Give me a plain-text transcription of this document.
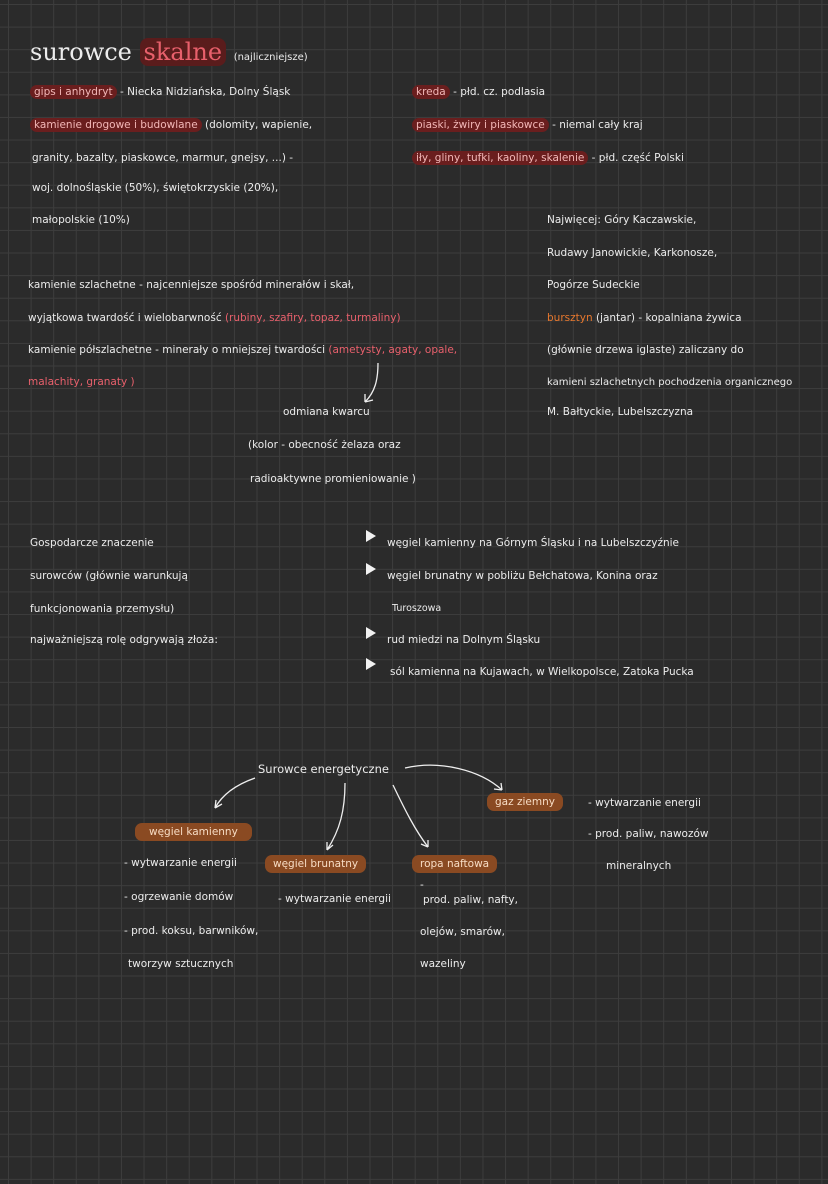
surowce skalne (najliczniejsze)
gips i anhydryt - Niecka Nidziańska, Dolny Śląsk
kamienie drogowe i budowlane (dolomity, wapienie,
granity, bazalty, piaskowce, marmur, gnejsy, ...) -
woj. dolnośląskie (50%), świętokrzyskie (20%),
małopolskie (10%)
kreda - płd. cz. podlasia
piaski, żwiry i piaskowce - niemal cały kraj
iły, gliny, tufki, kaoliny, skalenie - płd. część Polski
Najwięcej: Góry Kaczawskie,
Rudawy Janowickie, Karkonosze,
Pogórze Sudeckie
bursztyn (jantar) - kopalniana żywica
(głównie drzewa iglaste) zaliczany do
kamieni szlachetnych pochodzenia organicznego
M. Bałtyckie, Lubelszczyzna
kamienie szlachetne - najcenniejsze spośród minerałów i skał,
wyjątkowa twardość i wielobarwność (rubiny, szafiry, topaz, turmaliny)
kamienie półszlachetne - minerały o mniejszej twardości (ametysty, agaty, opale,
malachity, granaty )
odmiana kwarcu
(kolor - obecność żelaza oraz
radioaktywne promieniowanie )
Gospodarcze znaczenie
surowców (głównie warunkują
funkcjonowania przemysłu)
najważniejszą rolę odgrywają złoża:
węgiel kamienny na Górnym Śląsku i na Lubelszczyźnie
węgiel brunatny w pobliżu Bełchatowa, Konina oraz
Turoszowa
rud miedzi na Dolnym Śląsku
sól kamienna na Kujawach, w Wielkopolsce, Zatoka Pucka
Surowce energetyczne
węgiel kamienny
- wytwarzanie energii
- ogrzewanie domów
- prod. koksu, barwników,
tworzyw sztucznych
węgiel brunatny
- wytwarzanie energii
ropa naftowa
-
prod. paliw, nafty,
olejów, smarów,
wazeliny
gaz ziemny	- wytwarzanie energii
- prod. paliw, nawozów
mineralnych
